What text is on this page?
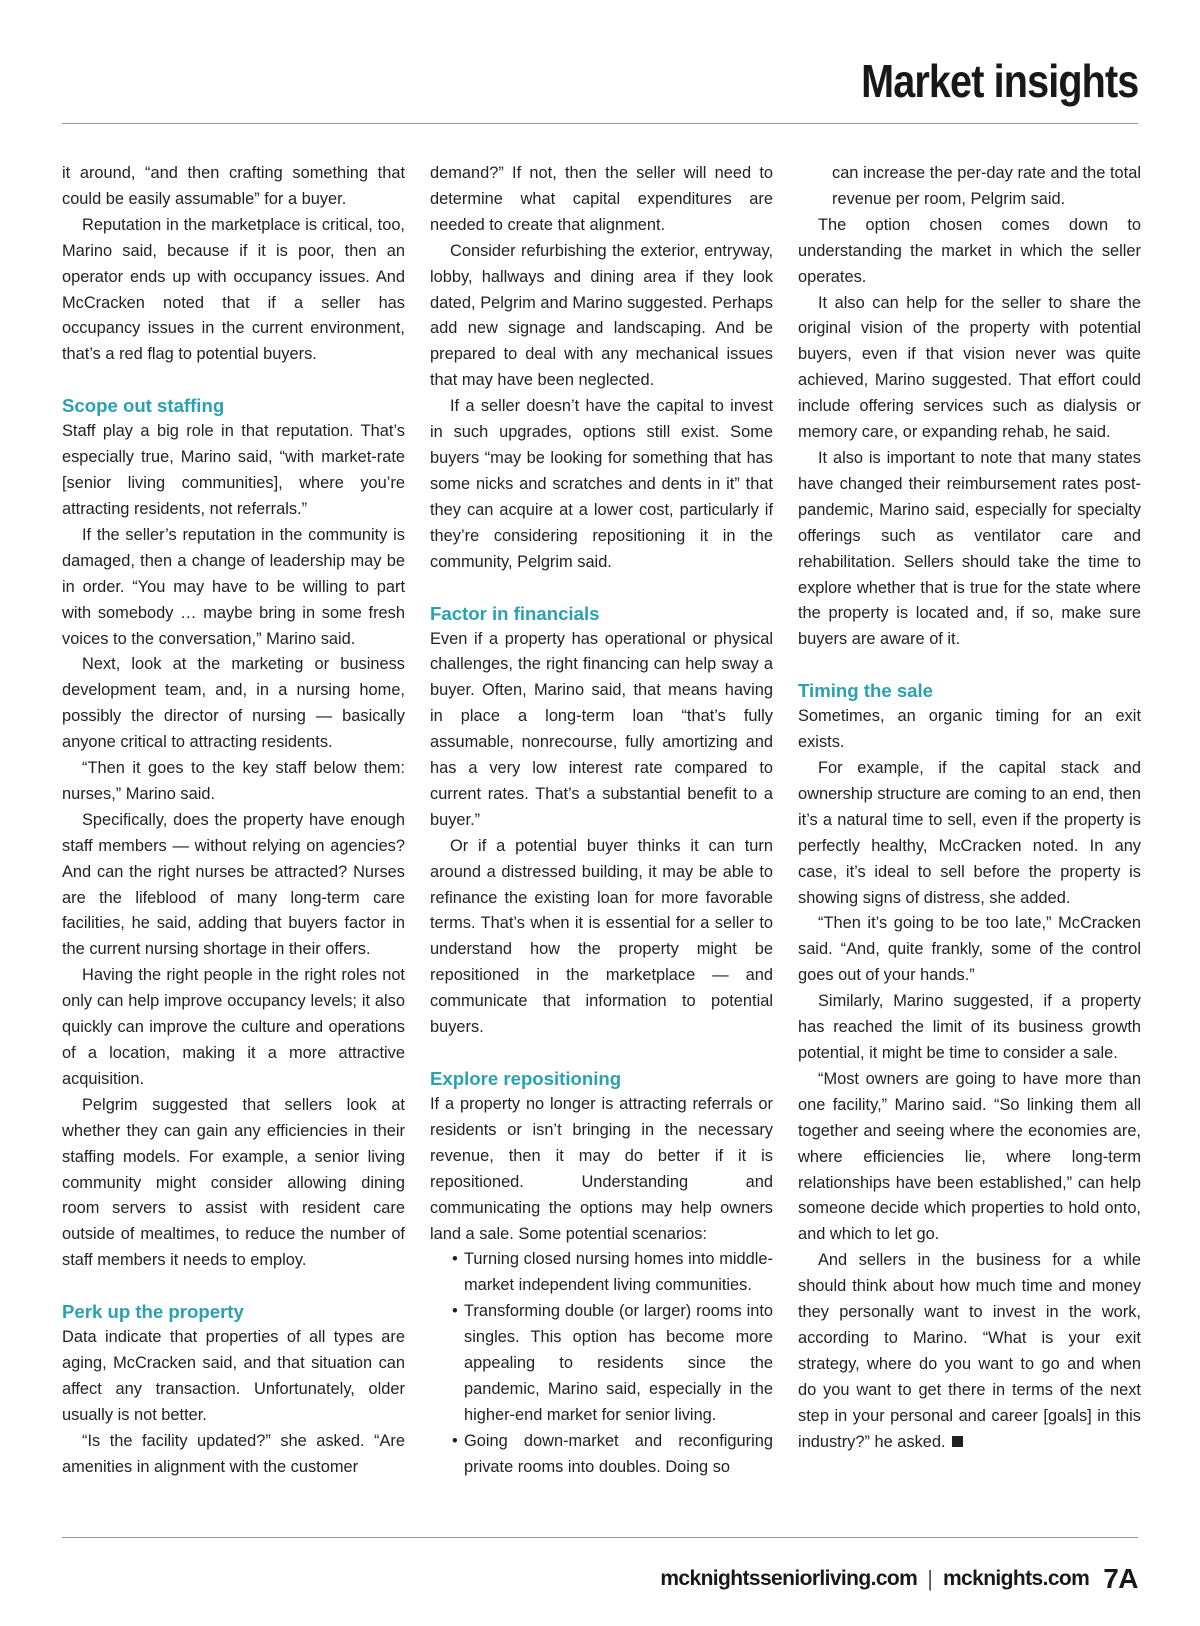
Market insights

it around, “and then crafting something that could be easily assumable” for a buyer.

Reputation in the marketplace is critical, too, Marino said, because if it is poor, then an operator ends up with occupancy issues. And McCracken noted that if a seller has occupancy issues in the current environment, that’s a red flag to potential buyers.

Scope out staffing

Staff play a big role in that reputation. That’s especially true, Marino said, “with market-rate [senior living communities], where you’re attracting residents, not referrals.”

If the seller’s reputation in the community is damaged, then a change of leadership may be in order. “You may have to be willing to part with somebody … maybe bring in some fresh voices to the conversation,” Marino said.

Next, look at the marketing or business development team, and, in a nursing home, possibly the director of nursing — basically anyone critical to attracting residents.

“Then it goes to the key staff below them: nurses,” Marino said.

Specifically, does the property have enough staff members — without relying on agencies? And can the right nurses be attracted? Nurses are the lifeblood of many long-term care facilities, he said, adding that buyers factor in the current nursing shortage in their offers.

Having the right people in the right roles not only can help improve occupancy levels; it also quickly can improve the culture and operations of a location, making it a more attractive acquisition.

Pelgrim suggested that sellers look at whether they can gain any efficiencies in their staffing models. For example, a senior living community might consider allowing dining room servers to assist with resident care outside of mealtimes, to reduce the number of staff members it needs to employ.

Perk up the property

Data indicate that properties of all types are aging, McCracken said, and that situation can affect any transaction. Unfortunately, older usually is not better.

“Is the facility updated?” she asked. “Are amenities in alignment with the customer

demand?” If not, then the seller will need to determine what capital expenditures are needed to create that alignment.

Consider refurbishing the exterior, entryway, lobby, hallways and dining area if they look dated, Pelgrim and Marino suggested. Perhaps add new signage and landscaping. And be prepared to deal with any mechanical issues that may have been neglected.

If a seller doesn’t have the capital to invest in such upgrades, options still exist. Some buyers “may be looking for something that has some nicks and scratches and dents in it” that they can acquire at a lower cost, particularly if they’re considering repositioning it in the community, Pelgrim said.

Factor in financials

Even if a property has operational or physical challenges, the right financing can help sway a buyer. Often, Marino said, that means having in place a long-term loan “that’s fully assumable, nonrecourse, fully amortizing and has a very low interest rate compared to current rates. That’s a substantial benefit to a buyer.”

Or if a potential buyer thinks it can turn around a distressed building, it may be able to refinance the existing loan for more favorable terms. That’s when it is essential for a seller to understand how the property might be repositioned in the marketplace — and communicate that information to potential buyers.

Explore repositioning

If a property no longer is attracting referrals or residents or isn’t bringing in the necessary revenue, then it may do better if it is repositioned. Understanding and communicating the options may help owners land a sale. Some potential scenarios:

• Turning closed nursing homes into middle-market independent living communities.
• Transforming double (or larger) rooms into singles. This option has become more appealing to residents since the pandemic, Marino said, especially in the higher-end market for senior living.
• Going down-market and reconfiguring private rooms into doubles. Doing so

can increase the per-day rate and the total revenue per room, Pelgrim said.

The option chosen comes down to understanding the market in which the seller operates.

It also can help for the seller to share the original vision of the property with potential buyers, even if that vision never was quite achieved, Marino suggested. That effort could include offering services such as dialysis or memory care, or expanding rehab, he said.

It also is important to note that many states have changed their reimbursement rates post-pandemic, Marino said, especially for specialty offerings such as ventilator care and rehabilitation. Sellers should take the time to explore whether that is true for the state where the property is located and, if so, make sure buyers are aware of it.

Timing the sale

Sometimes, an organic timing for an exit exists.

For example, if the capital stack and ownership structure are coming to an end, then it’s a natural time to sell, even if the property is perfectly healthy, McCracken noted. In any case, it’s ideal to sell before the property is showing signs of distress, she added.

“Then it’s going to be too late,” McCracken said. “And, quite frankly, some of the control goes out of your hands.”

Similarly, Marino suggested, if a property has reached the limit of its business growth potential, it might be time to consider a sale.

“Most owners are going to have more than one facility,” Marino said. “So linking them all together and seeing where the economies are, where efficiencies lie, where long-term relationships have been established,” can help someone decide which properties to hold onto, and which to let go.

And sellers in the business for a while should think about how much time and money they personally want to invest in the work, according to Marino. “What is your exit strategy, where do you want to go and when do you want to get there in terms of the next step in your personal and career [goals] in this industry?” he asked.

mcknightsseniorliving.com | mcknights.com 7A
